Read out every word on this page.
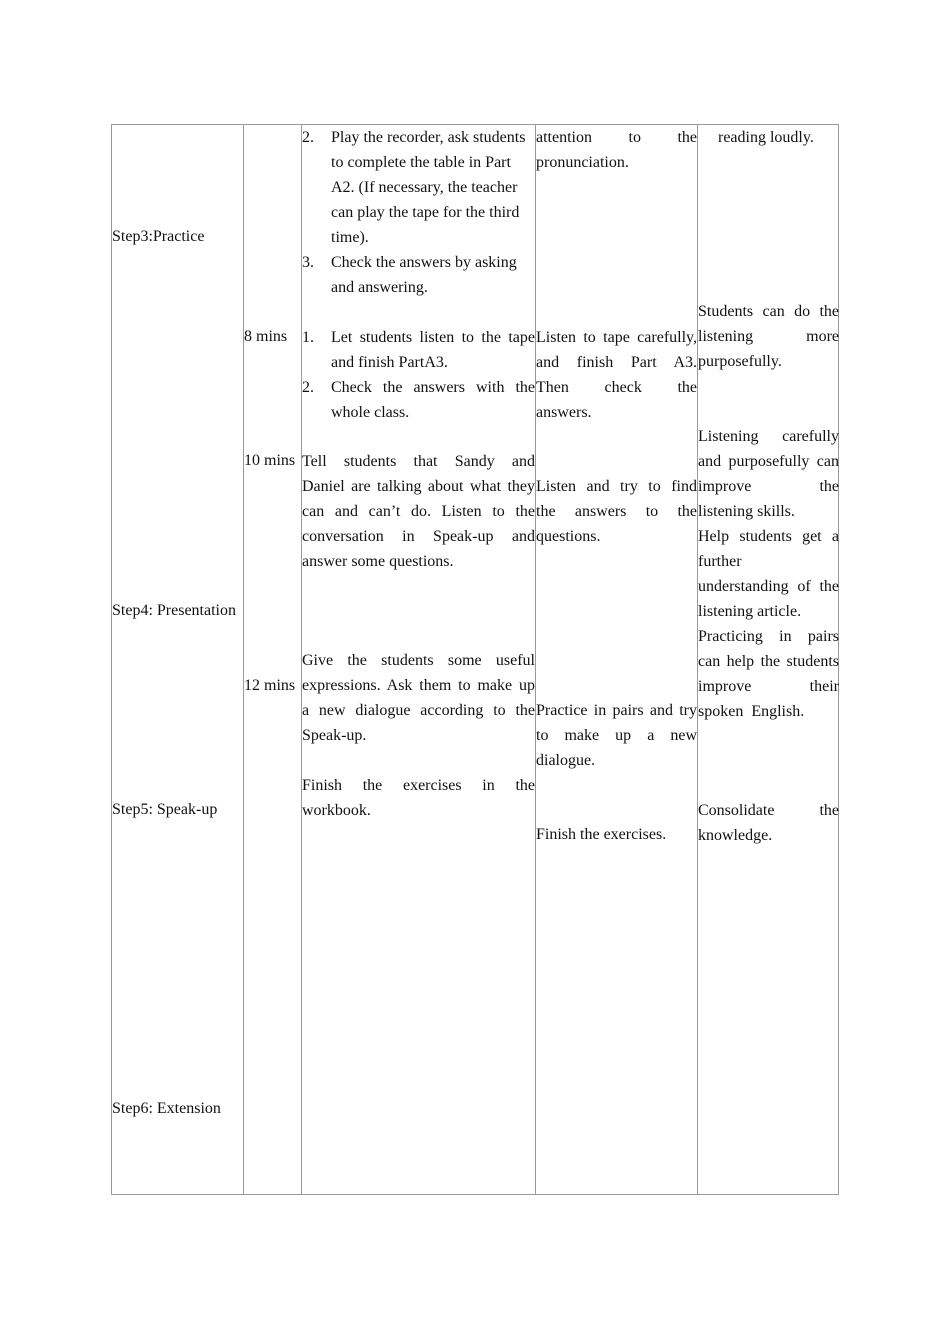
Step3:Practice
Step4: Presentation
Step5: Speak-up
Step6: Extension
8 mins
10 mins
12 mins
2. Play the recorder, ask students
to complete the table in Part
A2. (If necessary, the teacher
can play the tape for the third
time).
3. Check the answers by asking
and answering.
1. Let students listen to the tape
and finish PartA3.
2. Check the answers with the
whole class.
Tell students that Sandy and
Daniel are talking about what they
can and can’t do. Listen to the
conversation in Speak-up and
answer some questions.
Give the students some useful
expressions. Ask them to make up
a new dialogue according to the
Speak-up.
Finish the exercises in the
workbook.
attention to the
pronunciation.
Listen to tape carefully,
and finish Part A3.
Then check the
answers.
Listen and try to find
the answers to the
questions.
Practice in pairs and try
to make up a new
dialogue.
Finish the exercises.
reading loudly.
Students can do the
listening more
purposefully.
Listening carefully
and purposefully can
improve the
listening skills.
Help students get a
further
understanding of the
listening article.
Practicing in pairs
can help the students
improve their
spoken  English.
Consolidate the
knowledge.
